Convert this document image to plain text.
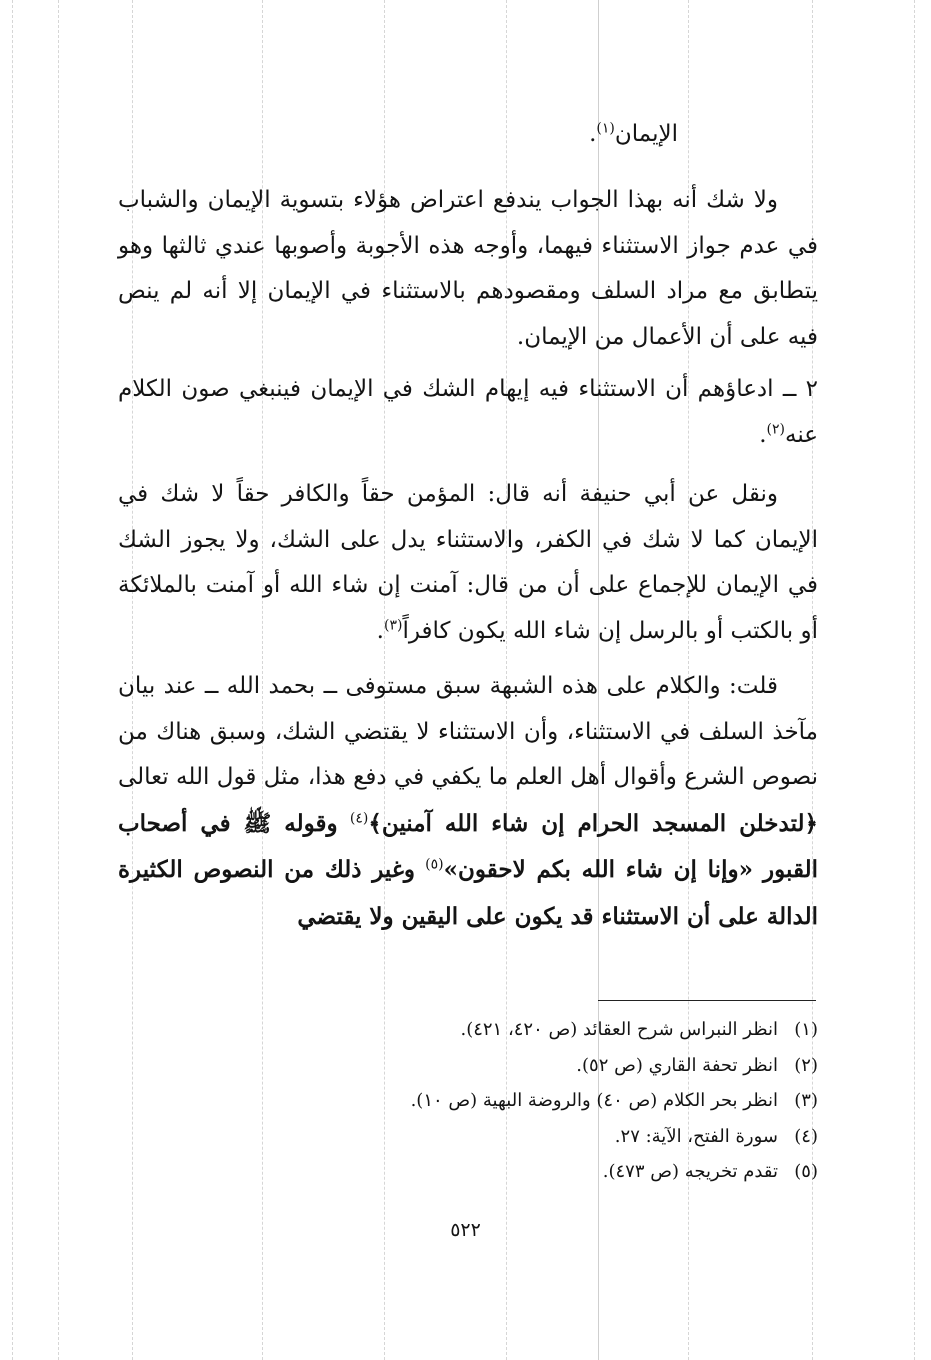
الإيمان$^{(١)}$.

ولا شك أنه بهذا الجواب يندفع اعتراض هؤلاء بتسوية الإيمان والشباب في عدم جواز الاستثناء فيهما، وأوجه هذه الأجوبة وأصوبها عندي ثالثها وهو يتطابق مع مراد السلف ومقصودهم بالاستثناء في الإيمان إلا أنه لم ينص فيه على أن الأعمال من الإيمان.

٢ ــ ادعاؤهم أن الاستثناء فيه إيهام الشك في الإيمان فينبغي صون الكلام عنه$^{(٢)}$.

ونقل عن أبي حنيفة أنه قال: المؤمن حقاً والكافر حقاً لا شك في الإيمان كما لا شك في الكفر، والاستثناء يدل على الشك، ولا يجوز الشك في الإيمان للإجماع على أن من قال: آمنت إن شاء الله أو آمنت بالملائكة أو بالكتب أو بالرسل إن شاء الله يكون كافراً$^{(٣)}$.

قلت: والكلام على هذه الشبهة سبق مستوفى ــ بحمد الله ــ عند بيان مآخذ السلف في الاستثناء، وأن الاستثناء لا يقتضي الشك، وسبق هناك من نصوص الشرع وأقوال أهل العلم ما يكفي في دفع هذا، مثل قول الله تعالى ﴿لتدخلن المسجد الحرام إن شاء الله آمنين﴾$^{(٤)}$ وقوله ﷺ في أصحاب القبور «وإنا إن شاء الله بكم لاحقون»$^{(٥)}$ وغير ذلك من النصوص الكثيرة الدالة على أن الاستثناء قد يكون على اليقين ولا يقتضي

(١)انظر النبراس شرح العقائد (ص ٤٢٠، ٤٢١).
(٢)انظر تحفة القاري (ص ٥٢).
(٣)انظر بحر الكلام (ص ٤٠) والروضة البهية (ص ١٠).
(٤)سورة الفتح، الآية: ٢٧.
(٥)تقدم تخريجه (ص ٤٧٣).
٥٢٢
